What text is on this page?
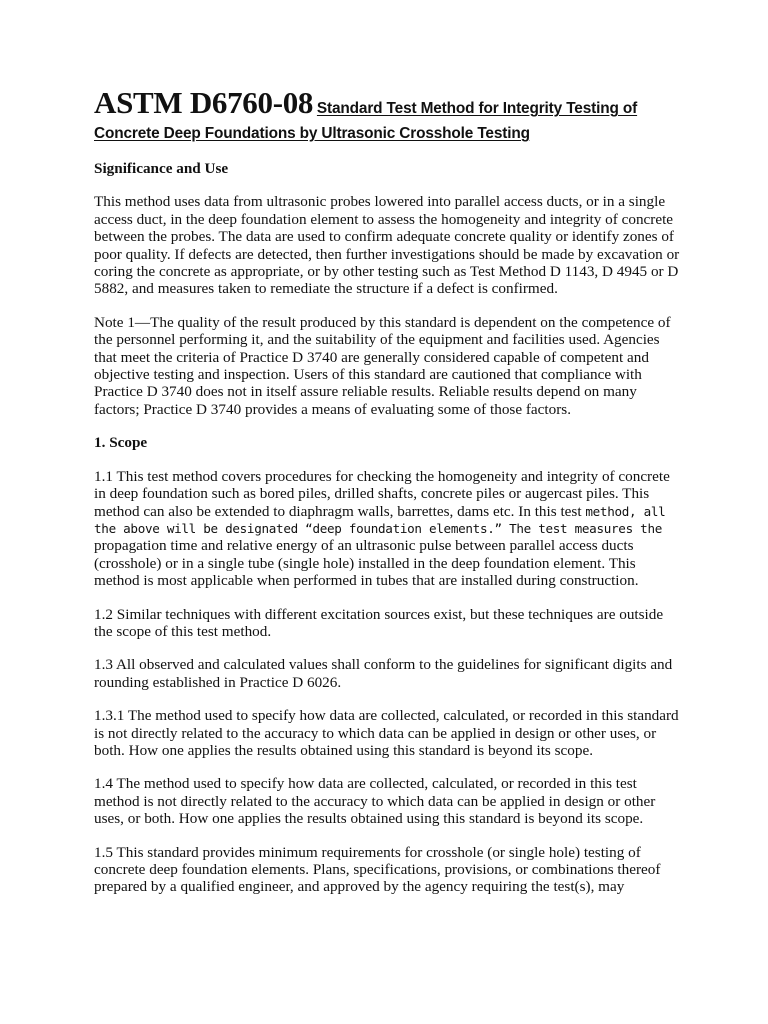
ASTM D6760-08 Standard Test Method for Integrity Testing of
Concrete Deep Foundations by Ultrasonic Crosshole Testing
Significance and Use

This method uses data from ultrasonic probes lowered into parallel access ducts, or in a single access duct, in the deep foundation element to assess the homogeneity and integrity of concrete between the probes. The data are used to confirm adequate concrete quality or identify zones of poor quality. If defects are detected, then further investigations should be made by excavation or coring the concrete as appropriate, or by other testing such as Test Method D 1143, D 4945 or D 5882, and measures taken to remediate the structure if a defect is confirmed.

Note 1—The quality of the result produced by this standard is dependent on the competence of the personnel performing it, and the suitability of the equipment and facilities used. Agencies that meet the criteria of Practice D 3740 are generally considered capable of competent and objective testing and inspection. Users of this standard are cautioned that compliance with Practice D 3740 does not in itself assure reliable results. Reliable results depend on many factors; Practice D 3740 provides a means of evaluating some of those factors.

1. Scope

1.1 This test method covers procedures for checking the homogeneity and integrity of concrete in deep foundation such as bored piles, drilled shafts, concrete piles or augercast piles. This method can also be extended to diaphragm walls, barrettes, dams etc. In this test method, all the above will be designated “deep foundation elements.” The test measures the propagation time and relative energy of an ultrasonic pulse between parallel access ducts (crosshole) or in a single tube (single hole) installed in the deep foundation element. This method is most applicable when performed in tubes that are installed during construction.

1.2 Similar techniques with different excitation sources exist, but these techniques are outside the scope of this test method.

1.3 All observed and calculated values shall conform to the guidelines for significant digits and rounding established in Practice D 6026.

1.3.1 The method used to specify how data are collected, calculated, or recorded in this standard is not directly related to the accuracy to which data can be applied in design or other uses, or both. How one applies the results obtained using this standard is beyond its scope.

1.4 The method used to specify how data are collected, calculated, or recorded in this test method is not directly related to the accuracy to which data can be applied in design or other uses, or both. How one applies the results obtained using this standard is beyond its scope.

1.5 This standard provides minimum requirements for crosshole (or single hole) testing of concrete deep foundation elements. Plans, specifications, provisions, or combinations thereof prepared by a qualified engineer, and approved by the agency requiring the test(s), may
